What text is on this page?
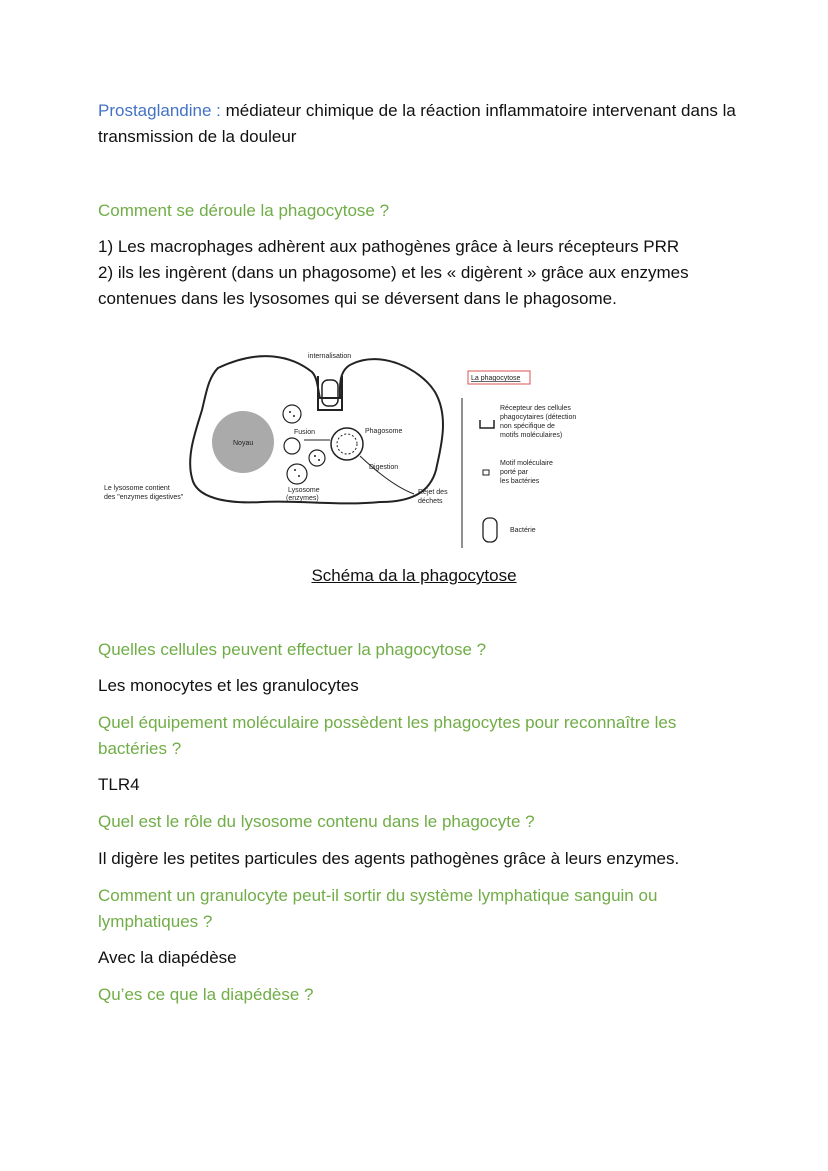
Prostaglandine : médiateur chimique de la réaction inflammatoire intervenant dans la transmission de la douleur

Comment se déroule la phagocytose ?

1) Les macrophages adhèrent aux pathogènes grâce à leurs récepteurs PRR

2) ils les ingèrent (dans un phagosome) et les « digèrent » grâce aux enzymes contenues dans les lysosomes qui se déversent dans le phagosome.

internalisation
Noyau
Fusion	Phagosome
Digestion
Lysosome
(enzymes)
Rejet des
déchets
Le lysosome contient
des "enzymes digestives"
La phagocytose
Récepteur des cellules
phagocytaires (détection
non spécifique de
motifs moléculaires)
Motif moléculaire
porté par
les bactéries
Bactérie
Schéma da la phagocytose

Quelles cellules peuvent effectuer la phagocytose ?

Les monocytes et les granulocytes

Quel équipement moléculaire possèdent les phagocytes pour reconnaître les bactéries ?

TLR4

Quel est le rôle du lysosome contenu dans le phagocyte ?

Il digère les petites particules des agents pathogènes grâce à leurs enzymes.

Comment un granulocyte peut-il sortir du système lymphatique sanguin ou lymphatiques ?

Avec la diapédèse

Qu’es ce que la diapédèse ?
